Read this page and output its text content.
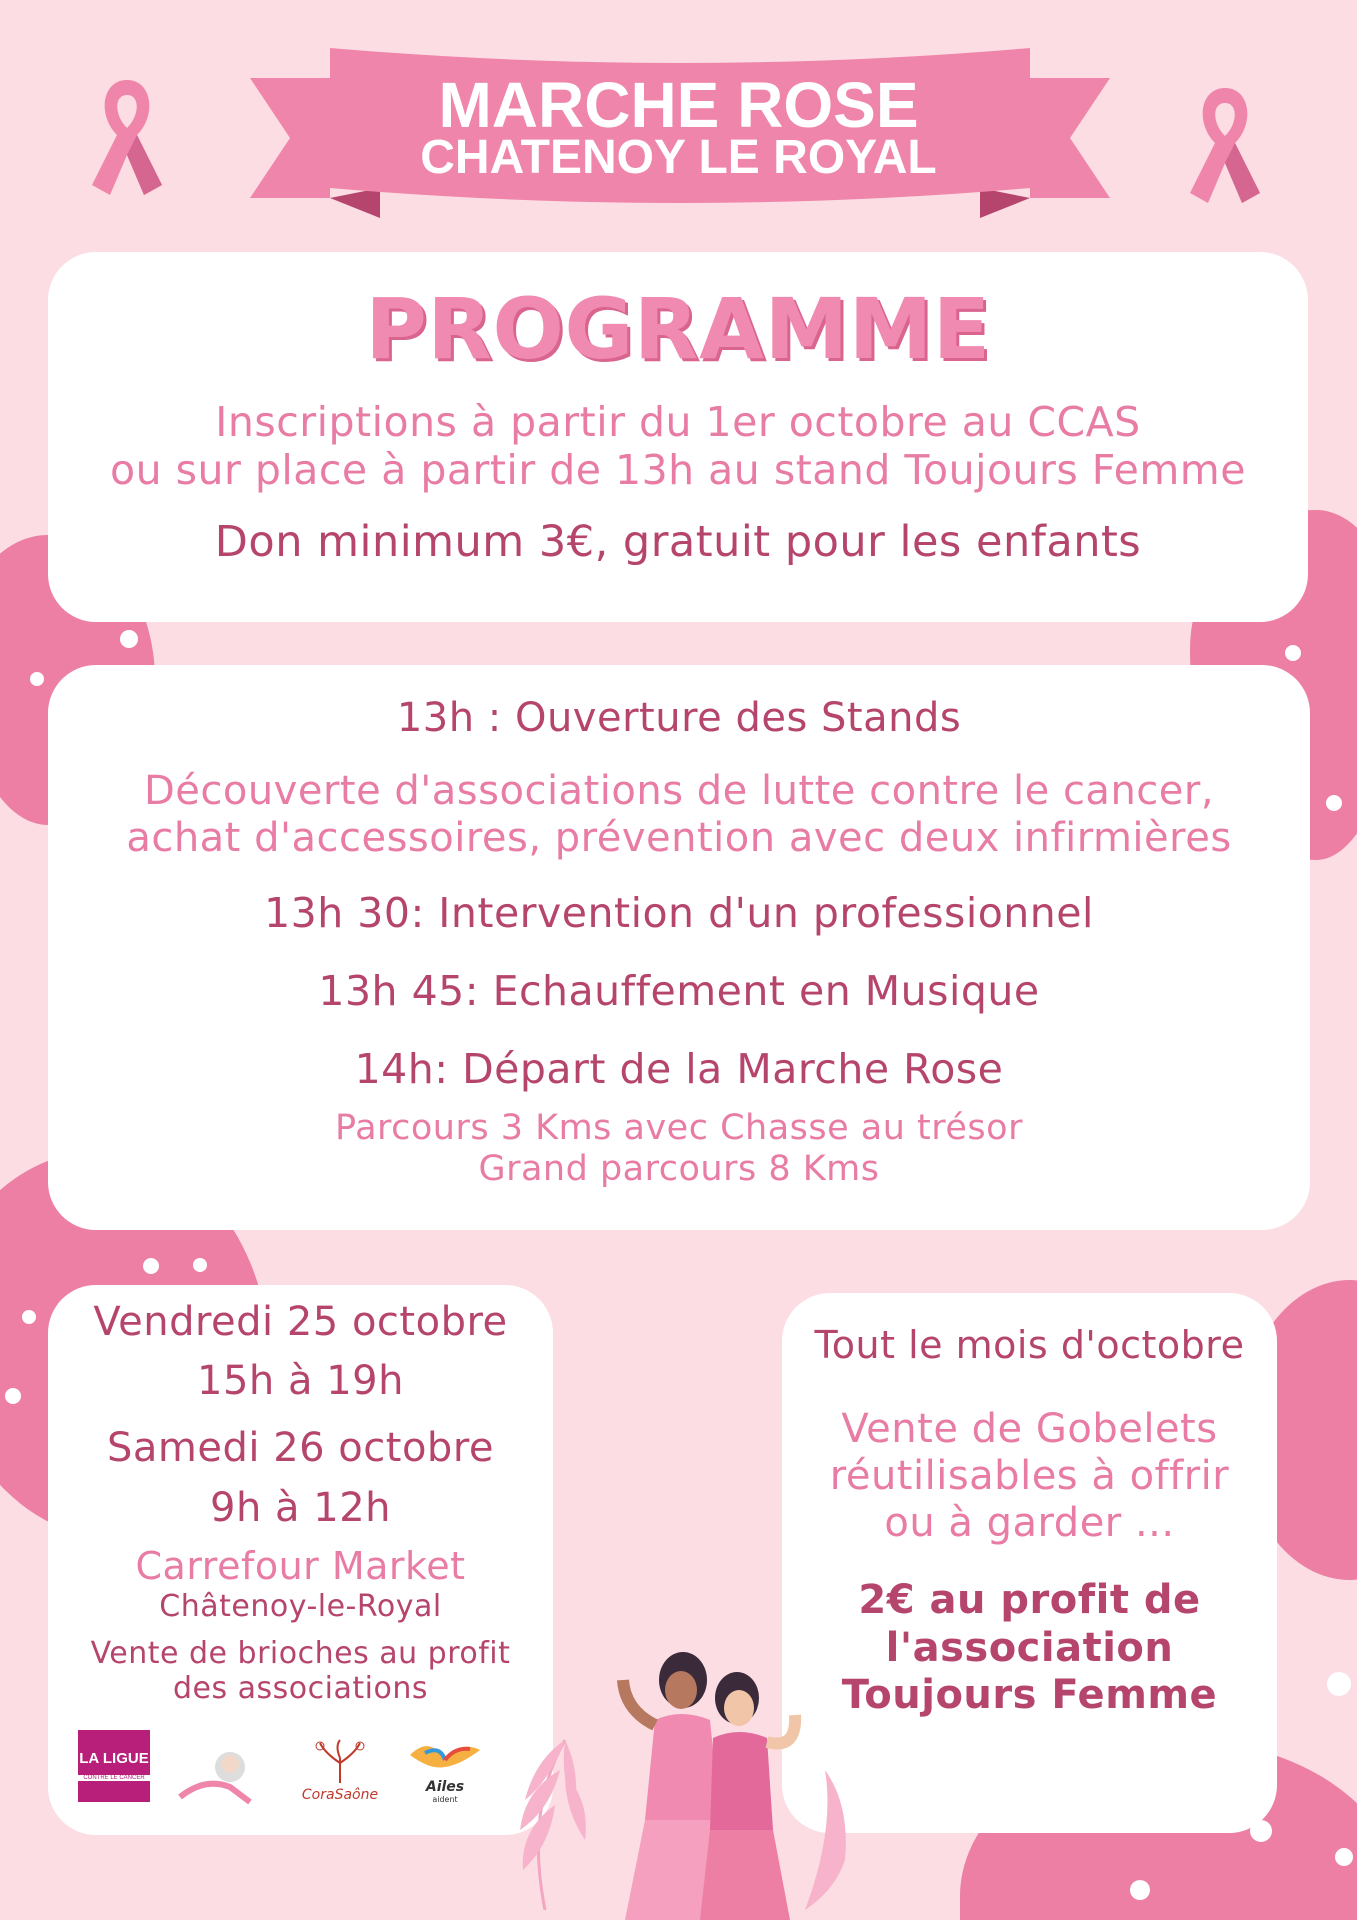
MARCHE ROSE
CHATENOY LE ROYAL
PROGRAMME

Inscriptions à partir du 1er octobre au CCAS

ou sur place à partir de 13h au stand Toujours Femme

Don minimum 3€, gratuit pour les enfants

13h : Ouverture des Stands

Découverte d'associations de lutte contre le cancer,

achat d'accessoires, prévention avec deux infirmières

13h 30: Intervention d'un professionnel

13h 45: Echauffement en Musique

14h: Départ de la Marche Rose

Parcours 3 Kms avec Chasse au trésor

Grand parcours 8 Kms

Vendredi 25 octobre

15h à 19h

Samedi 26 octobre

9h à 12h

Carrefour Market

Châtenoy-le-Royal

Vente de brioches au profit

des associations

LA LIGUE
CONTRE LE CANCER
CoraSaône	Ailes
aident

Tout le mois d'octobre

Vente de Gobelets

réutilisables à offrir

ou à garder ...

2€ au profit de

l'association

Toujours Femme
